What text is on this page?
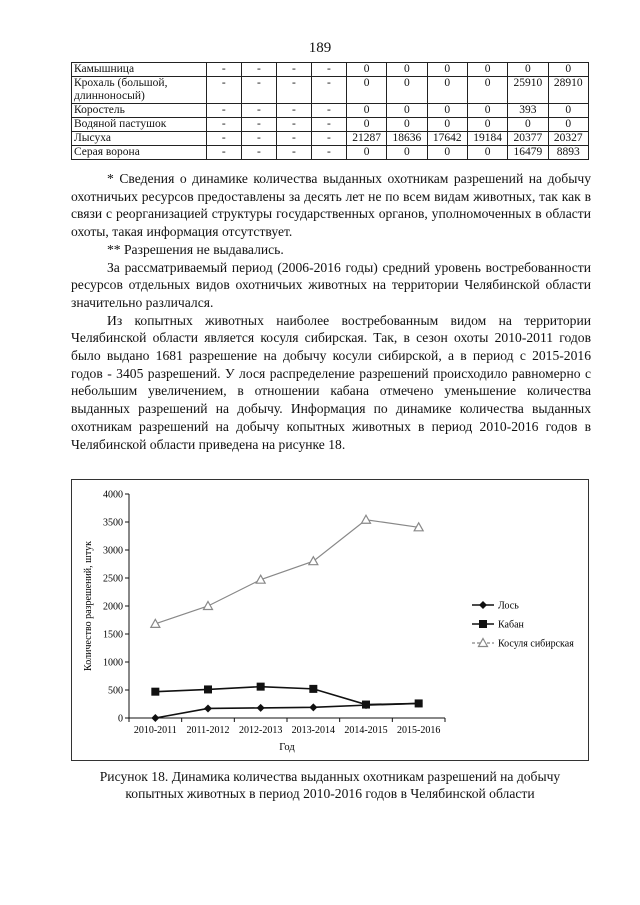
189
Камышница	-	-	-	-	0	0	0	0	0	0
Крохаль (большой, длинноносый)	-	-	-	-	0	0	0	0	25910	28910
Коростель	-	-	-	-	0	0	0	0	393	0
Водяной пастушок	-	-	-	-	0	0	0	0	0	0
Лысуха	-	-	-	-	21287	18636	17642	19184	20377	20327
Серая ворона	-	-	-	-	0	0	0	0	16479	8893

* Сведения о динамике количества выданных охотникам разрешений на добычу охотничьих ресурсов предоставлены за десять лет не по всем видам животных, так как в связи с реорганизацией структуры государственных органов, уполномоченных в области охоты, такая информация отсутствует.

** Разрешения не выдавались.

За рассматриваемый период (2006-2016 годы) средний уровень востребованности ресурсов отдельных видов охотничьих животных на территории Челябинской области значительно различался.

Из копытных животных наиболее востребованным видом на территории Челябинской области является косуля сибирская. Так, в сезон охоты 2010-2011 годов было выдано 1681 разрешение на добычу косули сибирской, а в период с 2015-2016 годов - 3405 разрешений. У лося распределение разрешений происходило равномерно с небольшим увеличением, в отношении кабана отмечено уменьшение количества выданных разрешений на добычу. Информация по динамике количества выданных охотникам разрешений на добычу копытных животных в период 2010-2016 годов в Челябинской области приведена на рисунке 18.

0
500
1000
1500
2000
2500
3000
3500
4000
2010-2011 2011-2012 2012-2013 2013-2014 2014-2015 2015-2016
Количество разрешений, штук
Год
Лось
Кабан
Косуля сибирская
Рисунок 18. Динамика количества выданных охотникам разрешений на добычу
копытных животных в период 2010-2016 годов в Челябинской области
